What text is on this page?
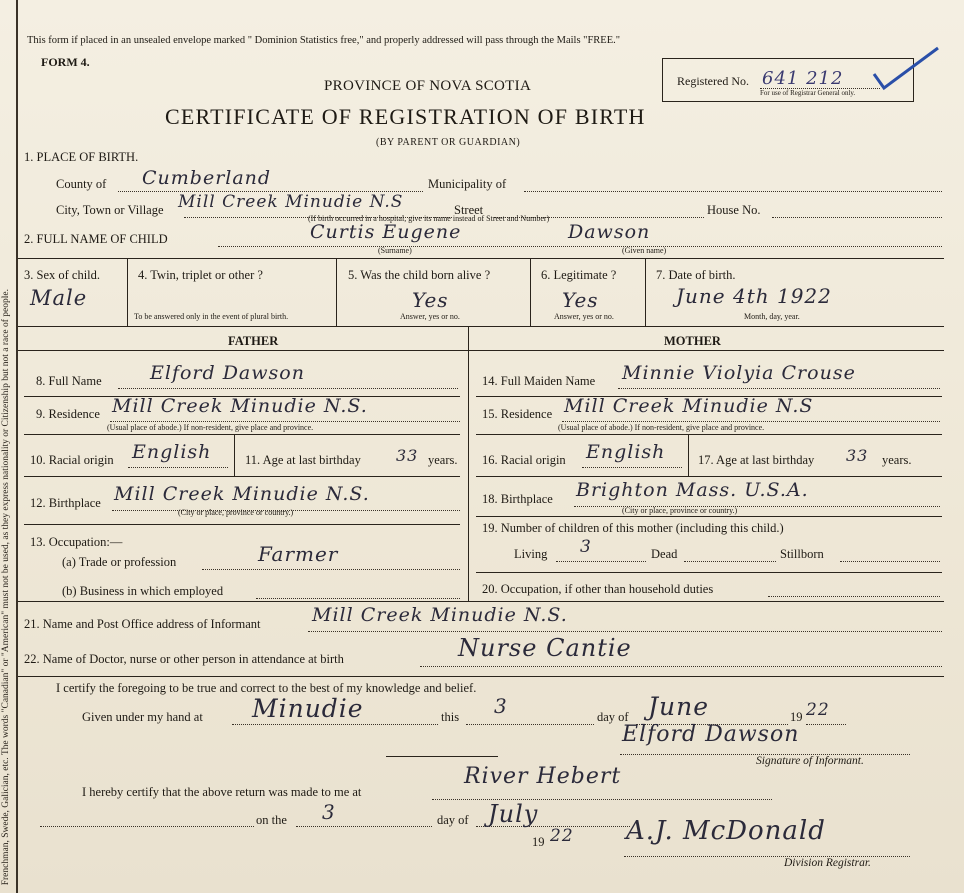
Frenchman, Swede, Galician, etc. The words "Canadian" or "American" must not be used, as they express nationality or Citizenship but not a race of people.
This form if placed in an unsealed envelope marked " Dominion Statistics free," and properly addressed will pass through the Mails "FREE."
FORM 4.
PROVINCE OF NOVA SCOTIA
CERTIFICATE OF REGISTRATION OF BIRTH
(BY PARENT OR GUARDIAN)
Registered No. 641 212
For use of Registrar General only.
1. PLACE OF BIRTH.
County of Cumberland	Municipality of
City, Town or Village Mill Creek Minudie N.S	Street	House No.
(If birth occurred in a hospital, give its name instead of Street and Number)
2. FULL NAME OF CHILD	Curtis Eugene	Dawson
(Surname)	(Given name)
3. Sex of child.
Male
4. Twin, triplet or other ?
To be answered only in the event of plural birth.
5. Was the child born alive ?
Yes
Answer, yes or no.
6. Legitimate ?
Yes
Answer, yes or no.
7. Date of birth.
June 4th 1922
Month, day, year.
FATHER	MOTHER
8. Full Name	Elford Dawson
9. Residence Mill Creek Minudie N.S.
(Usual place of abode.) If non-resident, give place and province.
10. Racial origin English	11. Age at last birthday 33 years.
12. Birthplace Mill Creek Minudie N.S.
(City or place, province or country.)
13. Occupation:—
(a) Trade or profession	Farmer
(b) Business in which employed
14. Full Maiden Name Minnie Violyia Crouse
15. Residence Mill Creek Minudie N.S
(Usual place of abode.) If non-resident, give place and province.
16. Racial origin English	17. Age at last birthday 33 years.
18. Birthplace Brighton Mass. U.S.A.
(City or place, province or country.)
19. Number of children of this mother (including this child.)
Living 3	Dead	Stillborn
20. Occupation, if other than household duties
21. Name and Post Office address of Informant	Mill Creek Minudie N.S.
22. Name of Doctor, nurse or other person in attendance at birth	Nurse Cantie
I certify the foregoing to be true and correct to the best of my knowledge and belief.
Given under my hand at Minudie	this 3	day of June	19 22
Elford Dawson
Signature of Informant.
I hereby certify that the above return was made to me at
River Hebert
on the 3	day of July
19 22 A.J. McDonald
Division Registrar.
